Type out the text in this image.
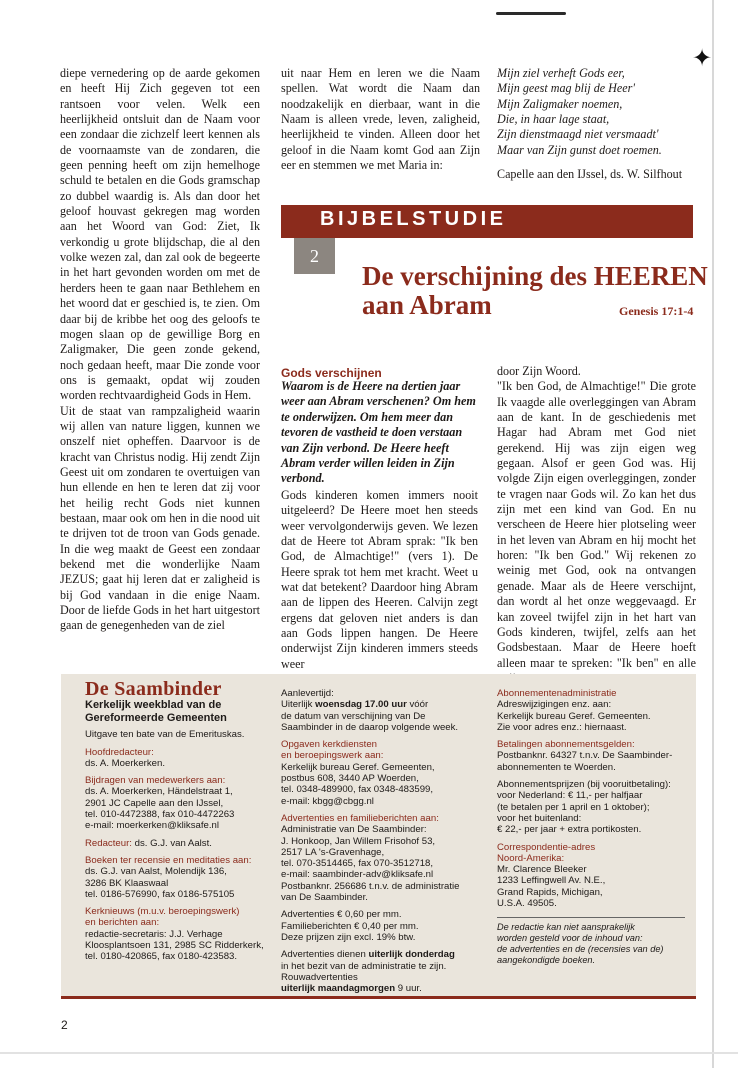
✦

diepe vernedering op de aarde gekomen en heeft Hij Zich gegeven tot een rantsoen voor velen. Welk een heerlijkheid ontsluit dan de Naam voor een zondaar die zichzelf leert kennen als de voornaamste van de zondaren, die geen penning heeft om zijn hemelhoge schuld te betalen en die Gods gramschap zo dubbel waardig is. Als dan door het geloof houvast gekregen mag worden aan het Woord van God: Ziet, Ik verkondig u grote blijdschap, die al den volke wezen zal, dan zal ook de begeerte in het hart gevonden worden om met de herders heen te gaan naar Bethlehem en het woord dat er geschied is, te zien. Om daar bij de kribbe het oog des geloofs te mogen slaan op de gewillige Borg en Zaligmaker, Die geen zonde gekend, noch gedaan heeft, maar Die zonde voor ons is gemaakt, opdat wij zouden worden rechtvaardigheid Gods in Hem.

Uit de staat van rampzaligheid waarin wij allen van nature liggen, kunnen we onszelf niet opheffen. Daarvoor is de kracht van Christus nodig. Hij zendt Zijn Geest uit om zondaren te overtuigen van hun ellende en hen te leren dat zij voor het heilig recht Gods niet kunnen bestaan, maar ook om hen in die nood uit te drijven tot de troon van Gods genade. In die weg maakt de Geest een zondaar bekend met die wonderlijke Naam JEZUS; gaat hij leren dat er zaligheid is bij God vandaan in die enige Naam. Door de liefde Gods in het hart uitgestort gaan de genegenheden van de ziel

uit naar Hem en leren we die Naam spellen. Wat wordt die Naam dan noodzakelijk en dierbaar, want in die Naam is alleen vrede, leven, zaligheid, heerlijkheid te vinden. Alleen door het geloof in die Naam komt God aan Zijn eer en stemmen we met Maria in:

Mijn ziel verheft Gods eer,
Mijn geest mag blij de Heer'
Mijn Zaligmaker noemen,
Die, in haar lage staat,
Zijn dienstmaagd niet versmaadt'
Maar van Zijn gunst doet roemen.
Capelle aan den IJssel, ds. W. Silfhout
BIJBELSTUDIE
2
De verschijning des HEEREN
aan Abram	Genesis 17:1-4
Gods verschijnen
Waarom is de Heere na dertien jaar weer aan Abram verschenen? Om hem te onderwijzen. Om hem meer dan tevoren de vastheid te doen verstaan van Zijn verbond. De Heere heeft Abram verder willen leiden in Zijn verbond.

Gods kinderen komen immers nooit uitgeleerd? De Heere moet hen steeds weer vervolgonderwijs geven. We lezen dat de Heere tot Abram sprak: "Ik ben God, de Almachtige!" (vers 1). De Heere sprak tot hem met kracht. Weet u wat dat betekent? Daardoor hing Abram aan de lippen des Heeren. Calvijn zegt ergens dat geloven niet anders is dan aan Gods lippen hangen. De Heere onderwijst Zijn kinderen immers steeds weer

door Zijn Woord.

"Ik ben God, de Almachtige!" Die grote Ik vaagde alle overleggingen van Abram aan de kant. In de geschiedenis met Hagar had Abram met God niet gerekend. Hij was zijn eigen weg gegaan. Alsof er geen God was. Hij volgde Zijn eigen overleggingen, zonder te vragen naar Gods wil. Zo kan het dus zijn met een kind van God. En nu verscheen de Heere hier plotseling weer in het leven van Abram en hij mocht het horen: "Ik ben God." Wij rekenen zo weinig met God, ook na ontvangen genade. Maar als de Heere verschijnt, dan wordt al het onze weggevaagd. Er kan zoveel twijfel zijn in het hart van Gods kinderen, twijfel, zelfs aan het Godsbestaan. Maar de Heere hoeft alleen maar te spreken: "Ik ben" en alle

De Saambinder
Kerkelijk weekblad van de
Gereformeerde Gemeenten
Uitgave ten bate van de Emerituskas.
Hoofdredacteur:
ds. A. Moerkerken.
Bijdragen van medewerkers aan:
ds. A. Moerkerken, Händelstraat 1,
2901 JC Capelle aan den IJssel,
tel. 010-4472388, fax 010-4472263
e-mail: moerkerken@kliksafe.nl
Redacteur: ds. G.J. van Aalst.
Boeken ter recensie en meditaties aan:
ds. G.J. van Aalst, Molendijk 136,
3286 BK Klaaswaal
tel. 0186-576990, fax 0186-575105
Kerknieuws (m.u.v. beroepingswerk)
en berichten aan:
redactie-secretaris: J.J. Verhage
Kloosplantsoen 131, 2985 SC Ridderkerk,
tel. 0180-420865, fax 0180-423583.
Aanlevertijd:
Uiterlijk woensdag 17.00 uur vóór
de datum van verschijning van De
Saambinder in de daarop volgende week.
Opgaven kerkdiensten
en beroepingswerk aan:
Kerkelijk bureau Geref. Gemeenten,
postbus 608, 3440 AP Woerden,
tel. 0348-489900, fax 0348-483599,
e-mail: kbgg@cbgg.nl
Advertenties en familieberichten aan:
Administratie van De Saambinder:
J. Honkoop, Jan Willem Frisohof 53,
2517 LA 's-Gravenhage,
tel. 070-3514465, fax 070-3512718,
e-mail: saambinder-adv@kliksafe.nl
Postbanknr. 256686 t.n.v. de administratie
van De Saambinder.
Advertenties € 0,60 per mm.
Familieberichten € 0,40 per mm.
Deze prijzen zijn excl. 19% btw.
Advertenties dienen uiterlijk donderdag
in het bezit van de administratie te zijn.
Rouwadvertenties
uiterlijk maandagmorgen 9 uur.
Abonnementenadministratie
Adreswijzigingen enz. aan:
Kerkelijk bureau Geref. Gemeenten.
Zie voor adres enz.: hiernaast.
Betalingen abonnementsgelden:
Postbanknr. 64327 t.n.v. De Saambinder-
abonnementen te Woerden.
Abonnementsprijzen (bij vooruitbetaling):
voor Nederland: € 11,- per halfjaar
(te betalen per 1 april en 1 oktober);
voor het buitenland:
€ 22,- per jaar + extra portikosten.
Correspondentie-adres
Noord-Amerika:
Mr. Clarence Bleeker
1233 Leffingwell Av. N.E.,
Grand Rapids, Michigan,
U.S.A. 49505.
De redactie kan niet aansprakelijk
worden gesteld voor de inhoud van:
de advertenties en de (recensies van de)
aangekondigde boeken.
2
